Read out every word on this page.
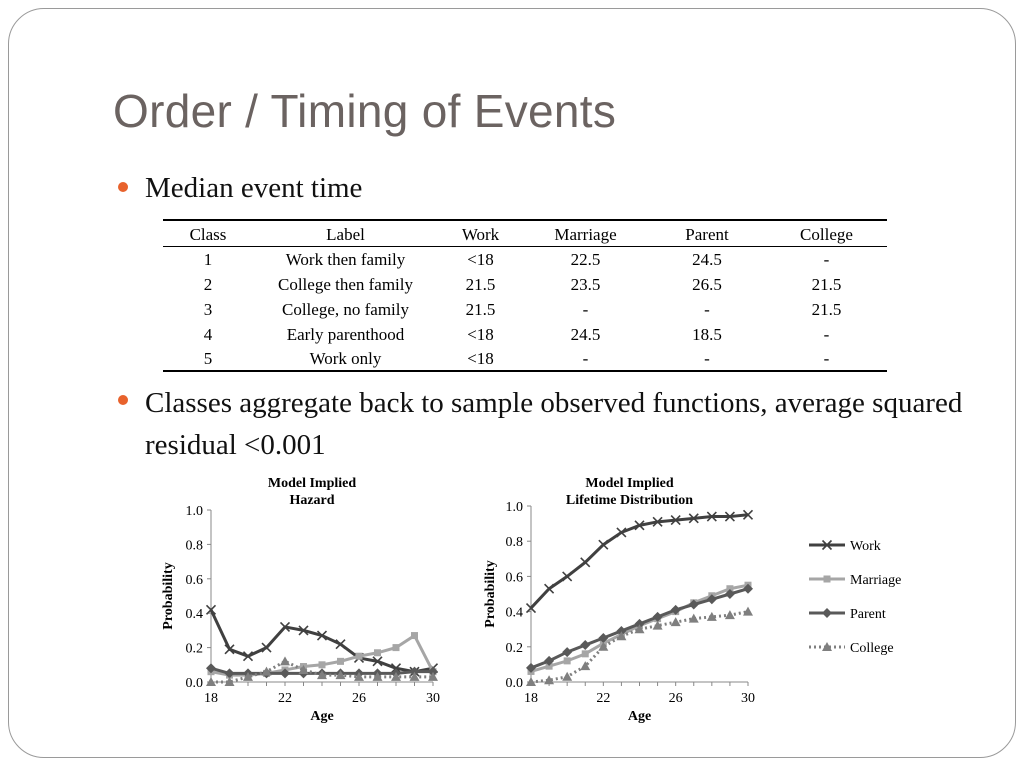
Order / Timing of Events
Median event time
Class	Label	Work	Marriage	Parent	College
1	Work then family	<18	22.5	24.5	-
2	College then family	21.5	23.5	26.5	21.5
3	College, no family	21.5	-	-	21.5
4	Early parenthood	<18	24.5	18.5	-
5	Work only	<18	-	-	-
Classes aggregate back to sample observed functions, average squared residual <0.001
Model Implied
Hazard
0.0
0.2
0.4
0.6
0.8
1.0
18	22	26	30
Age
Probability
Model Implied
Lifetime Distribution
0.0
0.2
0.4
0.6
0.8
1.0
18	22	26	30
Age
Probability
Work
Marriage
Parent
College
